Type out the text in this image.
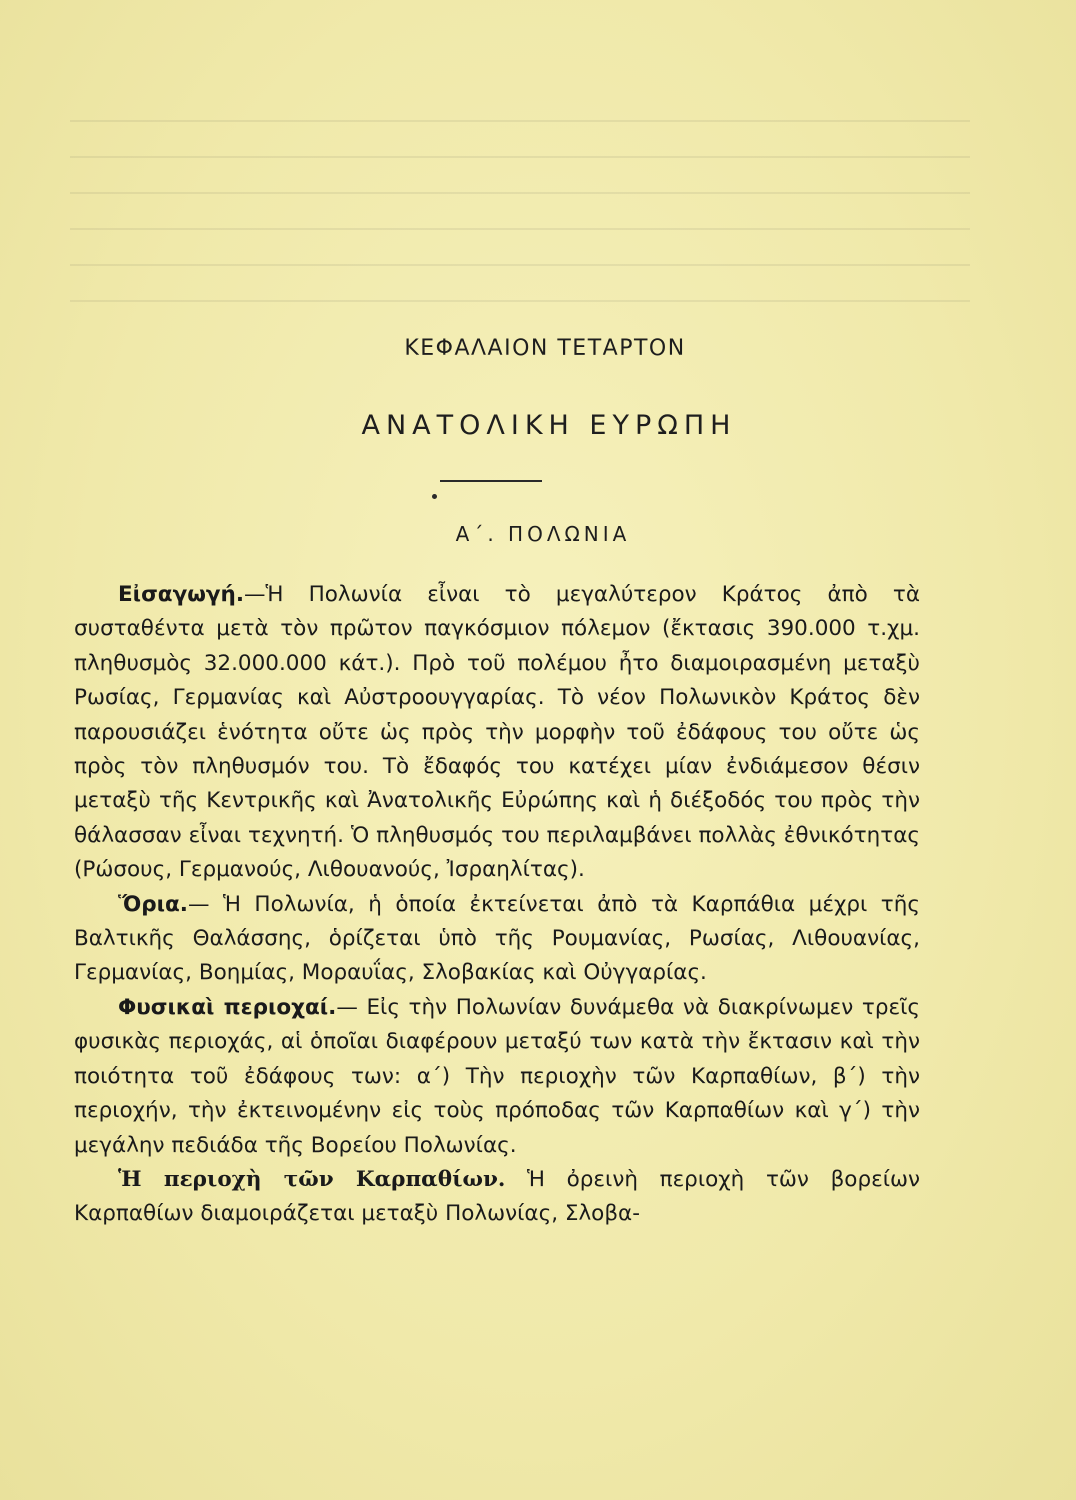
ΚΕΦΑΛΑΙΟΝ ΤΕΤΑΡΤΟΝ
ΑΝΑΤΟΛΙΚΗ ΕΥΡΩΠΗ
Α΄. ΠΟΛΩΝΙΑ

Εἰσαγωγή.—Ἡ Πολωνία εἶναι τὸ μεγαλύτερον Κράτος ἀπὸ τὰ συσταθέντα μετὰ τὸν πρῶτον παγκόσμιον πόλεμον (ἔκτασις 390.000 τ.χμ. πληθυσμὸς 32.000.000 κάτ.). Πρὸ τοῦ πολέμου ἦτο διαμοιρασμένη μεταξὺ Ρωσίας, Γερμανίας καὶ Αὐστροουγγαρίας. Τὸ νέον Πολωνικὸν Κράτος δὲν παρουσιάζει ἑνότητα οὔτε ὡς πρὸς τὴν μορφὴν τοῦ ἐδάφους του οὔτε ὡς πρὸς τὸν πληθυσμόν του. Τὸ ἔδαφός του κατέχει μίαν ἐνδιάμεσον θέσιν μεταξὺ τῆς Κεντρικῆς καὶ Ἀνατολικῆς Εὐρώπης καὶ ἡ διέξοδός του πρὸς τὴν θάλασσαν εἶναι τεχνητή. Ὁ πληθυσμός του περιλαμβάνει πολλὰς ἐθνικότητας (Ρώσους, Γερμανούς, Λιθουανούς, Ἰσραηλίτας).

Ὅρια.— Ἡ Πολωνία, ἡ ὁποία ἐκτείνεται ἀπὸ τὰ Καρπάθια μέχρι τῆς Βαλτικῆς Θαλάσσης, ὁρίζεται ὑπὸ τῆς Ρουμανίας, Ρωσίας, Λιθουανίας, Γερμανίας, Βοημίας, Μοραυΐας, Σλοβακίας καὶ Οὐγγαρίας.

Φυσικαὶ περιοχαί.— Εἰς τὴν Πολωνίαν δυνάμεθα νὰ διακρίνωμεν τρεῖς φυσικὰς περιοχάς, αἱ ὁποῖαι διαφέρουν μεταξύ των κατὰ τὴν ἔκτασιν καὶ τὴν ποιότητα τοῦ ἐδάφους των: α΄) Τὴν περιοχὴν τῶν Καρπαθίων, β΄) τὴν περιοχήν, τὴν ἐκτεινομένην εἰς τοὺς πρόποδας τῶν Καρπαθίων καὶ γ΄) τὴν μεγάλην πεδιάδα τῆς Βορείου Πολωνίας.

Ἡ περιοχὴ τῶν Καρπαθίων. Ἡ ὀρεινὴ περιοχὴ τῶν βορείων Καρπαθίων διαμοιράζεται μεταξὺ Πολωνίας, Σλοβα-
